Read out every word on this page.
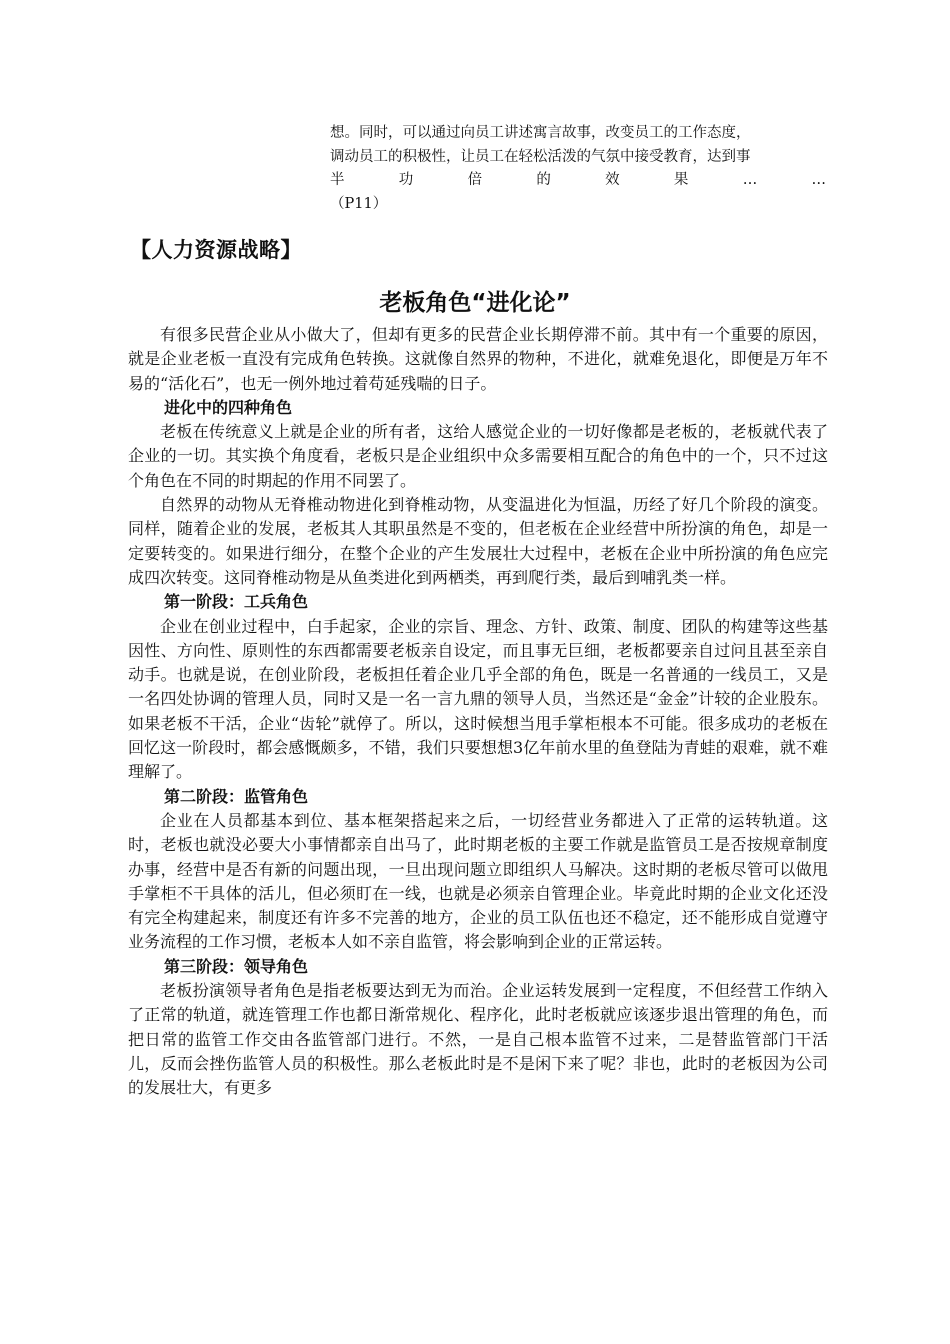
想。同时，可以通过向员工讲述寓言故事，改变员工的工作态度，

调动员工的积极性，让员工在轻松活泼的气氛中接受教育，达到事

半	功	倍	的	效	果	…	…

（P11）

【人力资源战略】
老板角色“进化论”

有很多民营企业从小做大了，但却有更多的民营企业长期停滞不前。其中有一个重要的原因，就是企业老板一直没有完成角色转换。这就像自然界的物种，不进化，就难免退化，即便是万年不易的“活化石”，也无一例外地过着苟延残喘的日子。

进化中的四种角色

老板在传统意义上就是企业的所有者，这给人感觉企业的一切好像都是老板的，老板就代表了企业的一切。其实换个角度看，老板只是企业组织中众多需要相互配合的角色中的一个，只不过这个角色在不同的时期起的作用不同罢了。

自然界的动物从无脊椎动物进化到脊椎动物，从变温进化为恒温，历经了好几个阶段的演变。同样，随着企业的发展，老板其人其职虽然是不变的，但老板在企业经营中所扮演的角色，却是一定要转变的。如果进行细分，在整个企业的产生发展壮大过程中，老板在企业中所扮演的角色应完成四次转变。这同脊椎动物是从鱼类进化到两栖类，再到爬行类，最后到哺乳类一样。

第一阶段：工兵角色

企业在创业过程中，白手起家，企业的宗旨、理念、方针、政策、制度、团队的构建等这些基因性、方向性、原则性的东西都需要老板亲自设定，而且事无巨细，老板都要亲自过问且甚至亲自动手。也就是说，在创业阶段，老板担任着企业几乎全部的角色，既是一名普通的一线员工，又是一名四处协调的管理人员，同时又是一名一言九鼎的领导人员，当然还是“金金”计较的企业股东。如果老板不干活，企业“齿轮”就停了。所以，这时候想当甩手掌柜根本不可能。很多成功的老板在回忆这一阶段时，都会感慨颇多，不错，我们只要想想3亿年前水里的鱼登陆为青蛙的艰难，就不难理解了。

第二阶段：监管角色

企业在人员都基本到位、基本框架搭起来之后，一切经营业务都进入了正常的运转轨道。这时，老板也就没必要大小事情都亲自出马了，此时期老板的主要工作就是监管员工是否按规章制度办事，经营中是否有新的问题出现，一旦出现问题立即组织人马解决。这时期的老板尽管可以做甩手掌柜不干具体的活儿，但必须盯在一线，也就是必须亲自管理企业。毕竟此时期的企业文化还没有完全构建起来，制度还有许多不完善的地方，企业的员工队伍也还不稳定，还不能形成自觉遵守业务流程的工作习惯，老板本人如不亲自监管，将会影响到企业的正常运转。

第三阶段：领导角色

老板扮演领导者角色是指老板要达到无为而治。企业运转发展到一定程度，不但经营工作纳入了正常的轨道，就连管理工作也都日渐常规化、程序化，此时老板就应该逐步退出管理的角色，而把日常的监管工作交由各监管部门进行。不然，一是自己根本监管不过来，二是替监管部门干活儿，反而会挫伤监管人员的积极性。那么老板此时是不是闲下来了呢？非也，此时的老板因为公司的发展壮大，有更多
